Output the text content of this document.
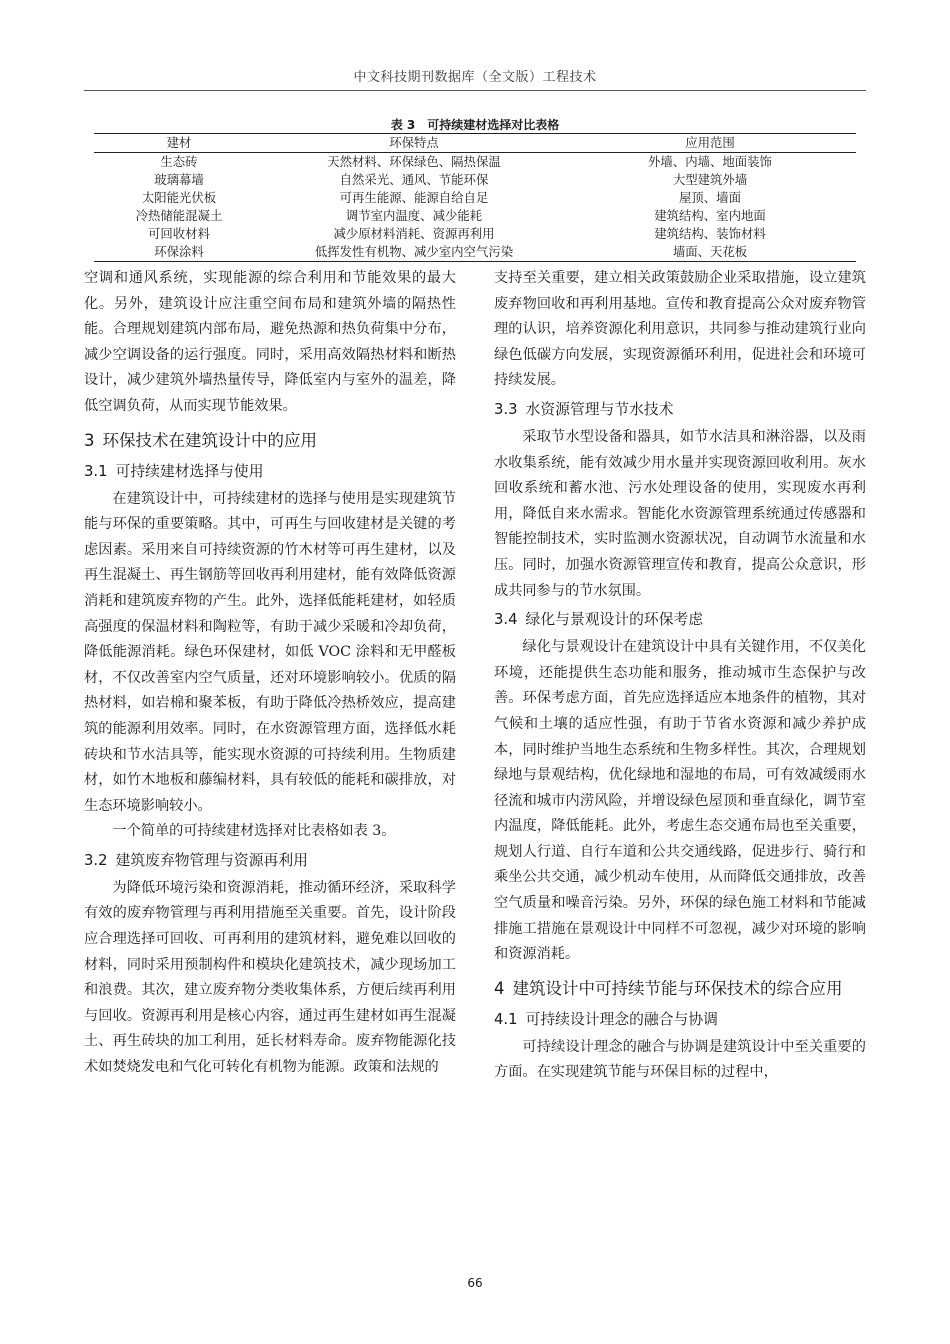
中文科技期刊数据库（全文版）工程技术
表 3　可持续建材选择对比表格
建材	环保特点	应用范围
生态砖	天然材料、环保绿色、隔热保温	外墙、内墙、地面装饰
玻璃幕墙	自然采光、通风、节能环保	大型建筑外墙
太阳能光伏板	可再生能源、能源自给自足	屋顶、墙面
冷热储能混凝土	调节室内温度、减少能耗	建筑结构、室内地面
可回收材料	减少原材料消耗、资源再利用	建筑结构、装饰材料
环保涂料	低挥发性有机物、减少室内空气污染	墙面、天花板

空调和通风系统，实现能源的综合利用和节能效果的最大化。另外，建筑设计应注重空间布局和建筑外墙的隔热性能。合理规划建筑内部布局，避免热源和热负荷集中分布，减少空调设备的运行强度。同时，采用高效隔热材料和断热设计，减少建筑外墙热量传导，降低室内与室外的温差，降低空调负荷，从而实现节能效果。

3 环保技术在建筑设计中的应用
3.1 可持续建材选择与使用

在建筑设计中，可持续建材的选择与使用是实现建筑节能与环保的重要策略。其中，可再生与回收建材是关键的考虑因素。采用来自可持续资源的竹木材等可再生建材，以及再生混凝土、再生钢筋等回收再利用建材，能有效降低资源消耗和建筑废弃物的产生。此外，选择低能耗建材，如轻质高强度的保温材料和陶粒等，有助于减少采暖和冷却负荷，降低能源消耗。绿色环保建材，如低 VOC 涂料和无甲醛板材，不仅改善室内空气质量，还对环境影响较小。优质的隔热材料，如岩棉和聚苯板，有助于降低冷热桥效应，提高建筑的能源利用效率。同时，在水资源管理方面，选择低水耗砖块和节水洁具等，能实现水资源的可持续利用。生物质建材，如竹木地板和藤编材料，具有较低的能耗和碳排放，对生态环境影响较小。

一个简单的可持续建材选择对比表格如表 3。

3.2 建筑废弃物管理与资源再利用

为降低环境污染和资源消耗，推动循环经济，采取科学有效的废弃物管理与再利用措施至关重要。首先，设计阶段应合理选择可回收、可再利用的建筑材料，避免难以回收的材料，同时采用预制构件和模块化建筑技术，减少现场加工和浪费。其次，建立废弃物分类收集体系，方便后续再利用与回收。资源再利用是核心内容，通过再生建材如再生混凝土、再生砖块的加工利用，延长材料寿命。废弃物能源化技术如焚烧发电和气化可转化有机物为能源。政策和法规的

支持至关重要，建立相关政策鼓励企业采取措施，设立建筑废弃物回收和再利用基地。宣传和教育提高公众对废弃物管理的认识，培养资源化利用意识，共同参与推动建筑行业向绿色低碳方向发展，实现资源循环利用，促进社会和环境可持续发展。

3.3 水资源管理与节水技术

采取节水型设备和器具，如节水洁具和淋浴器，以及雨水收集系统，能有效减少用水量并实现资源回收利用。灰水回收系统和蓄水池、污水处理设备的使用，实现废水再利用，降低自来水需求。智能化水资源管理系统通过传感器和智能控制技术，实时监测水资源状况，自动调节水流量和水压。同时，加强水资源管理宣传和教育，提高公众意识，形成共同参与的节水氛围。

3.4 绿化与景观设计的环保考虑

绿化与景观设计在建筑设计中具有关键作用，不仅美化环境，还能提供生态功能和服务，推动城市生态保护与改善。环保考虑方面，首先应选择适应本地条件的植物，其对气候和土壤的适应性强，有助于节省水资源和减少养护成本，同时维护当地生态系统和生物多样性。其次，合理规划绿地与景观结构，优化绿地和湿地的布局，可有效减缓雨水径流和城市内涝风险，并增设绿色屋顶和垂直绿化，调节室内温度，降低能耗。此外，考虑生态交通布局也至关重要，规划人行道、自行车道和公共交通线路，促进步行、骑行和乘坐公共交通，减少机动车使用，从而降低交通排放，改善空气质量和噪音污染。另外，环保的绿色施工材料和节能减排施工措施在景观设计中同样不可忽视，减少对环境的影响和资源消耗。

4 建筑设计中可持续节能与环保技术的综合应用
4.1 可持续设计理念的融合与协调

可持续设计理念的融合与协调是建筑设计中至关重要的方面。在实现建筑节能与环保目标的过程中，

66
